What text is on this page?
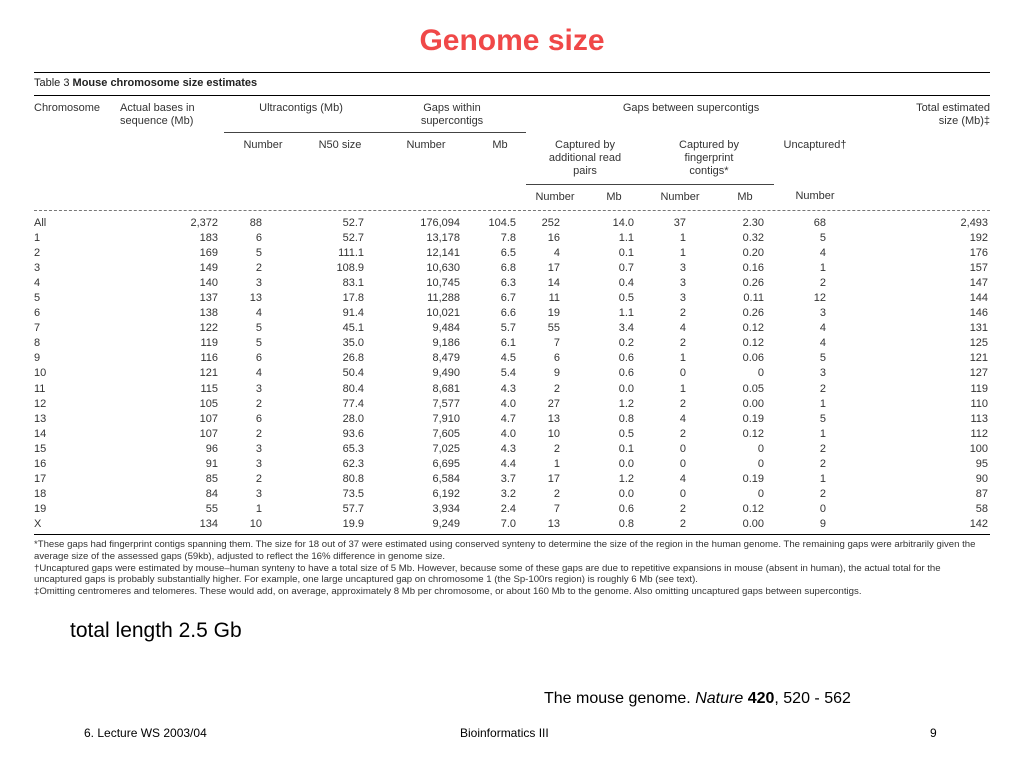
Genome size
Table 3 Mouse chromosome size estimates
Chromosome	Actual bases in sequence (Mb)	Ultracontigs (Mb)		Gaps within supercontigs		Gaps between supercontigs					Total estimated size (Mb)‡
		Number	N50 size	Number	Mb	Captured by additional read pairs		Captured by fingerprint contigs*		Uncaptured†	
						Number	Mb	Number	Mb	Number	

All	2,372	88	52.7	176,094	104.5	252	14.0	37	2.30	68	2,493
1	183	6	52.7	13,178	7.8	16	1.1	1	0.32	5	192
2	169	5	111.1	12,141	6.5	4	0.1	1	0.20	4	176
3	149	2	108.9	10,630	6.8	17	0.7	3	0.16	1	157
4	140	3	83.1	10,745	6.3	14	0.4	3	0.26	2	147
5	137	13	17.8	11,288	6.7	11	0.5	3	0.11	12	144
6	138	4	91.4	10,021	6.6	19	1.1	2	0.26	3	146
7	122	5	45.1	9,484	5.7	55	3.4	4	0.12	4	131
8	119	5	35.0	9,186	6.1	7	0.2	2	0.12	4	125
9	116	6	26.8	8,479	4.5	6	0.6	1	0.06	5	121
10	121	4	50.4	9,490	5.4	9	0.6	0	0	3	127
11	115	3	80.4	8,681	4.3	2	0.0	1	0.05	2	119
12	105	2	77.4	7,577	4.0	27	1.2	2	0.00	1	110
13	107	6	28.0	7,910	4.7	13	0.8	4	0.19	5	113
14	107	2	93.6	7,605	4.0	10	0.5	2	0.12	1	112
15	96	3	65.3	7,025	4.3	2	0.1	0	0	2	100
16	91	3	62.3	6,695	4.4	1	0.0	0	0	2	95
17	85	2	80.8	6,584	3.7	17	1.2	4	0.19	1	90
18	84	3	73.5	6,192	3.2	2	0.0	0	0	2	87
19	55	1	57.7	3,934	2.4	7	0.6	2	0.12	0	58
X	134	10	19.9	9,249	7.0	13	0.8	2	0.00	9	142

*These gaps had fingerprint contigs spanning them. The size for 18 out of 37 were estimated using conserved synteny to determine the size of the region in the human genome. The remaining gaps were arbitrarily given the average size of the assessed gaps (59kb), adjusted to reflect the 16% difference in genome size.

†Uncaptured gaps were estimated by mouse–human synteny to have a total size of 5 Mb. However, because some of these gaps are due to repetitive expansions in mouse (absent in human), the actual total for the uncaptured gaps is probably substantially higher. For example, one large uncaptured gap on chromosome 1 (the Sp-100rs region) is roughly 6 Mb (see text).

‡Omitting centromeres and telomeres. These would add, on average, approximately 8 Mb per chromosome, or about 160 Mb to the genome. Also omitting uncaptured gaps between supercontigs.

total length 2.5 Gb
The mouse genome. Nature 420, 520 - 562
6. Lecture WS 2003/04	Bioinformatics III	9
